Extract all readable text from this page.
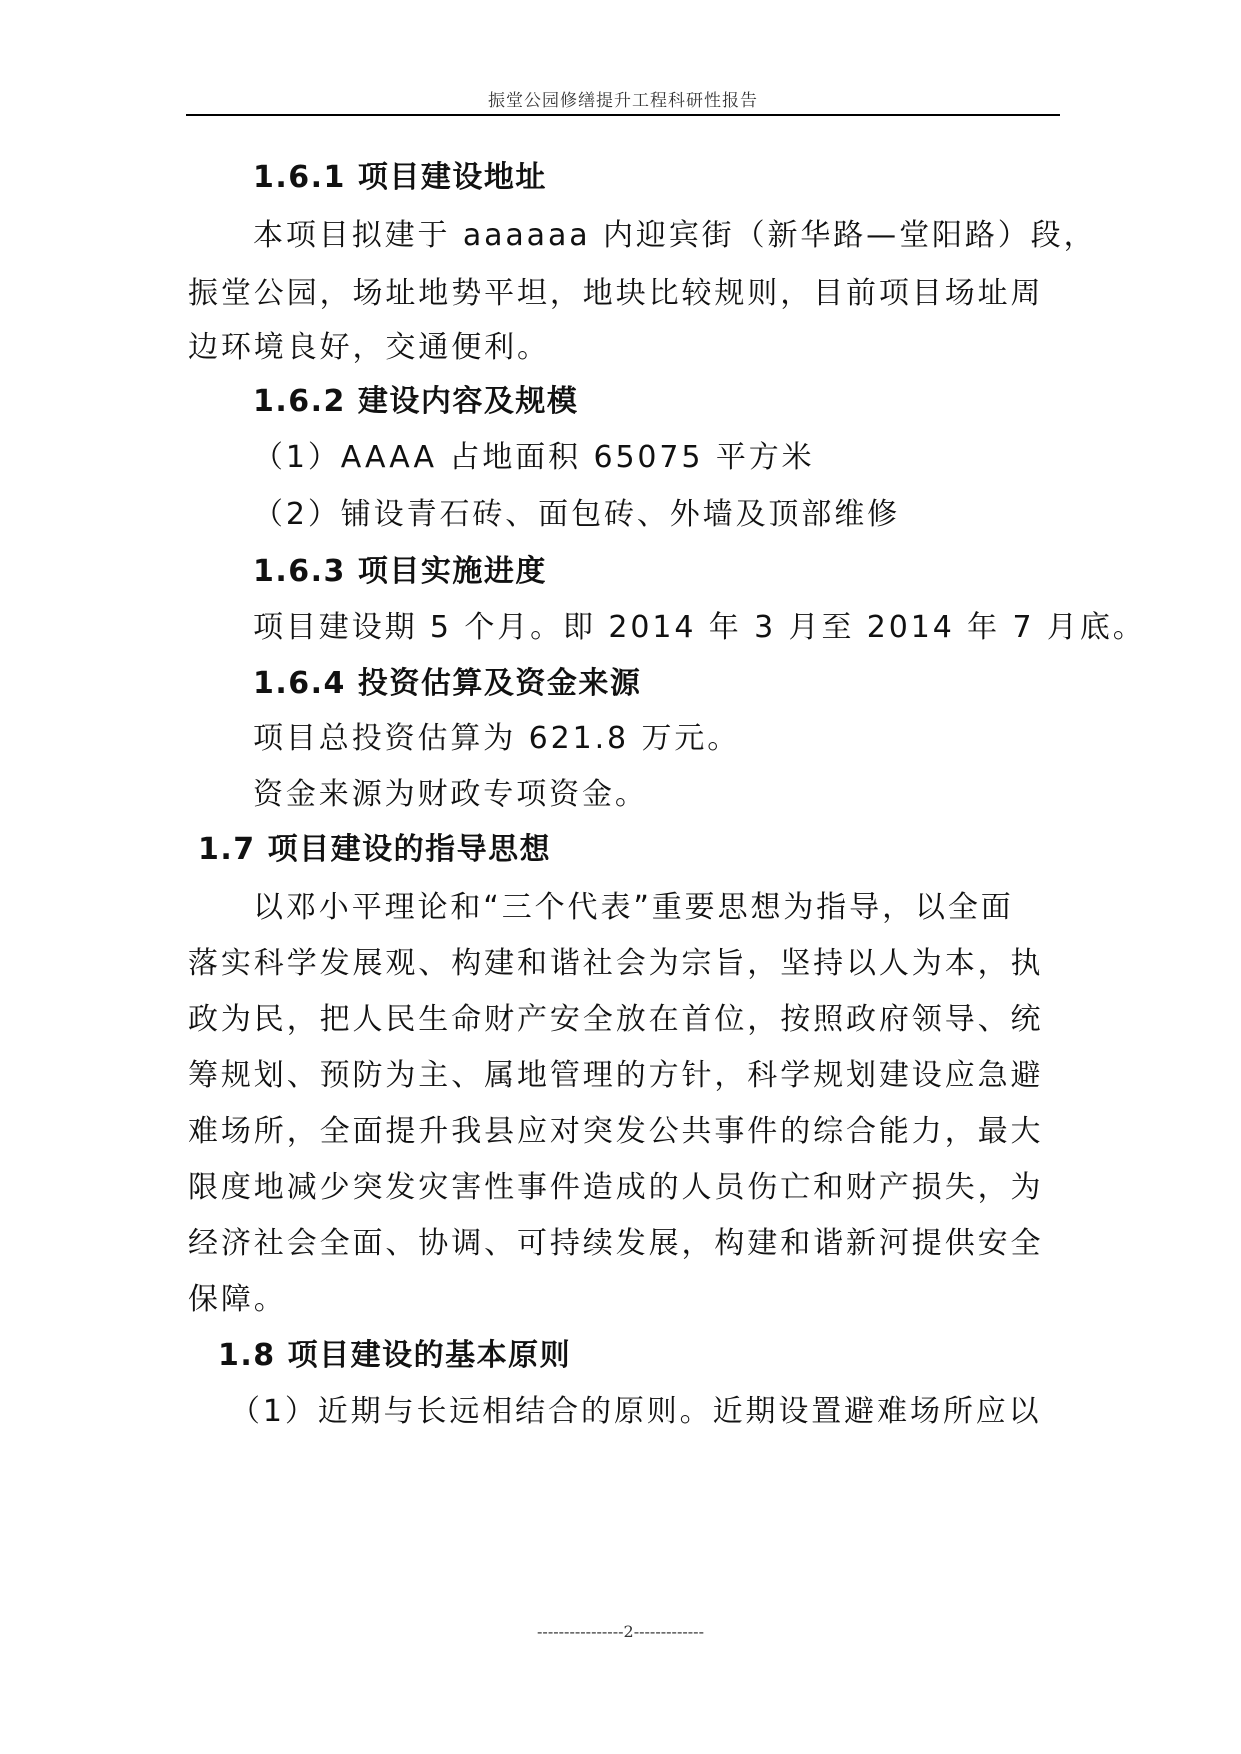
振堂公园修缮提升工程科研性报告

1.6.1 项目建设地址

本项目拟建于 aaaaaa 内迎宾街（新华路—堂阳路）段，

振堂公园，场址地势平坦，地块比较规则，目前项目场址周

边环境良好，交通便利。

1.6.2 建设内容及规模

（1）AAAA 占地面积 65075 平方米

（2）铺设青石砖、面包砖、外墙及顶部维修

1.6.3 项目实施进度

项目建设期 5 个月。即 2014 年 3 月至 2014 年 7 月底。

1.6.4 投资估算及资金来源

项目总投资估算为 621.8 万元。

资金来源为财政专项资金。

1.7 项目建设的指导思想

以邓小平理论和“三个代表”重要思想为指导，以全面

落实科学发展观、构建和谐社会为宗旨，坚持以人为本，执

政为民，把人民生命财产安全放在首位，按照政府领导、统

筹规划、预防为主、属地管理的方针，科学规划建设应急避

难场所，全面提升我县应对突发公共事件的综合能力，最大

限度地减少突发灾害性事件造成的人员伤亡和财产损失，为

经济社会全面、协调、可持续发展，构建和谐新河提供安全

保障。

1.8 项目建设的基本原则

（1）近期与长远相结合的原则。近期设置避难场所应以

----------------2-------------
